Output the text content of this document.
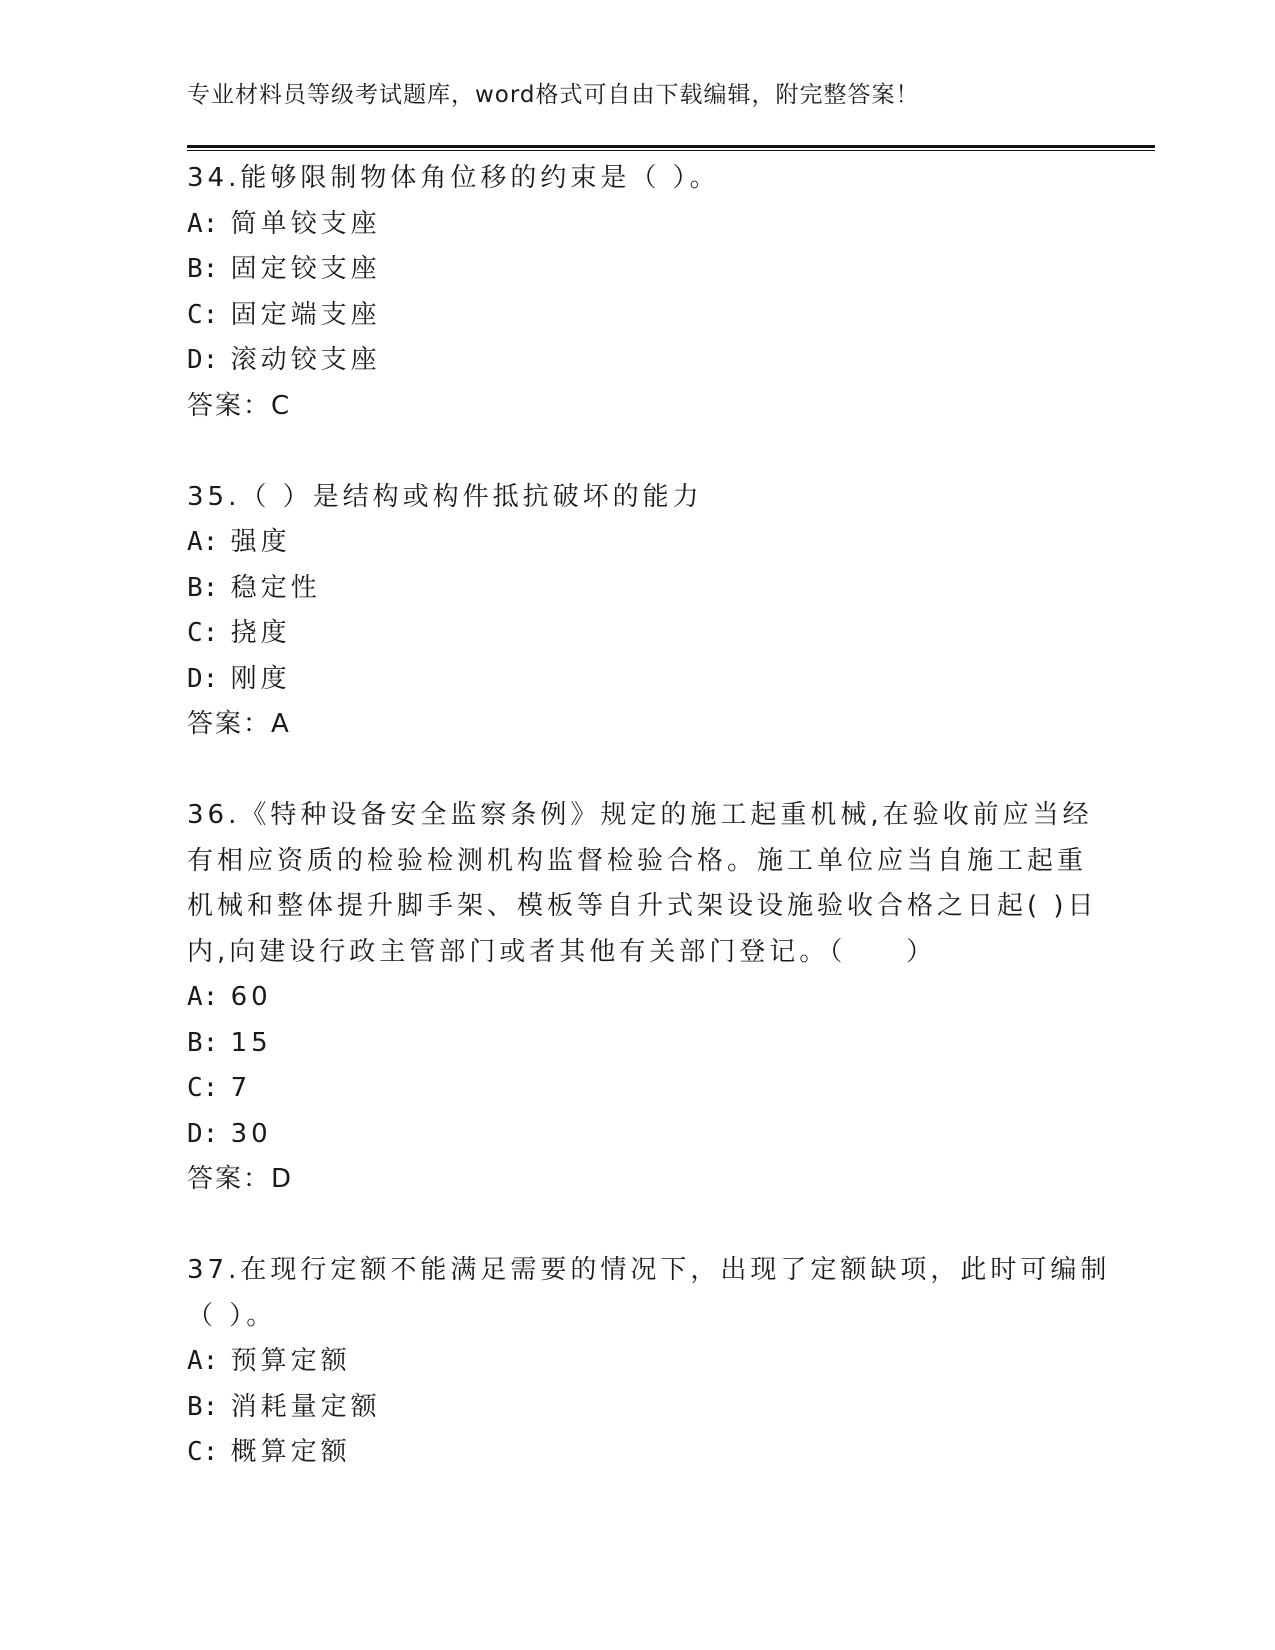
专业材料员等级考试题库，word格式可自由下载编辑，附完整答案！
34.能够限制物体角位移的约束是（ ）。
A: 简单铰支座
B: 固定铰支座
C: 固定端支座
D: 滚动铰支座
答案：C
35.（ ）是结构或构件抵抗破坏的能力
A: 强度
B: 稳定性
C: 挠度
D: 刚度
答案：A
36.《特种设备安全监察条例》规定的施工起重机械,在验收前应当经
有相应资质的检验检测机构监督检验合格。施工单位应当自施工起重
机械和整体提升脚手架、模板等自升式架设设施验收合格之日起( )日
内,向建设行政主管部门或者其他有关部门登记。（　　）
A: 60
B: 15
C: 7
D: 30
答案：D
37.在现行定额不能满足需要的情况下，出现了定额缺项，此时可编制
（ ）。
A: 预算定额
B: 消耗量定额
C: 概算定额
